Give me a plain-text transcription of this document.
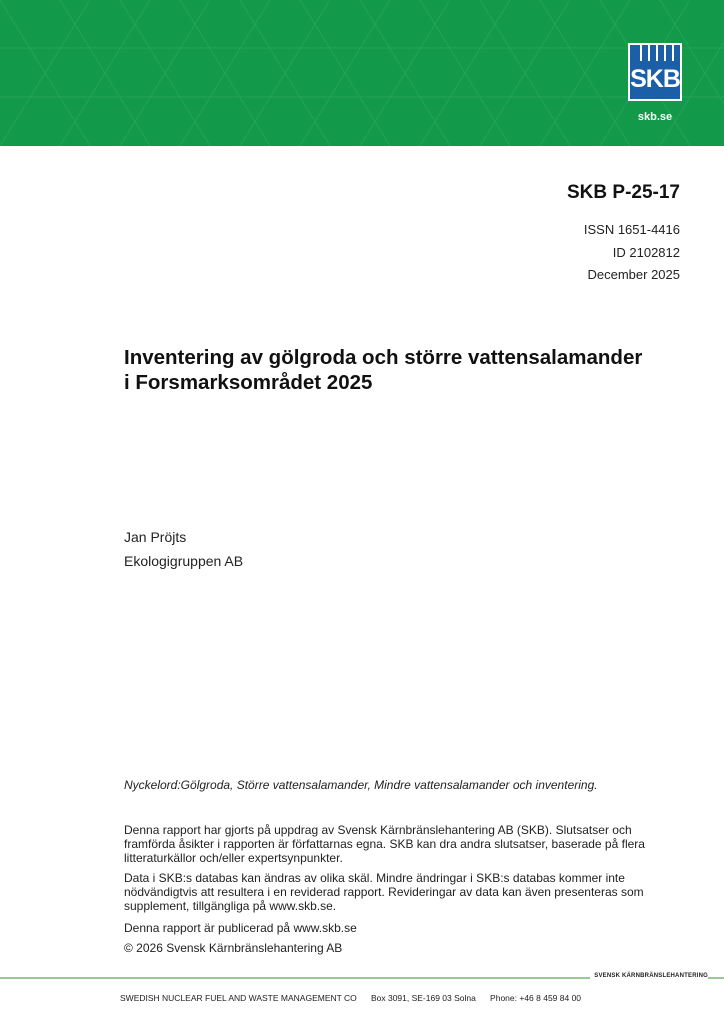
SKB
skb.se
SKB P-25-17
ISSN 1651-4416
ID 2102812
December 2025
Inventering av gölgroda och större vattensalamander
i Forsmarksområdet 2025
Jan Pröjts
Ekologigruppen AB
Nyckelord:Gölgroda, Större vattensalamander, Mindre vattensalamander och inventering.
Denna rapport har gjorts på uppdrag av Svensk Kärnbränslehantering AB (SKB). Slutsatser och framförda åsikter i rapporten är författarnas egna. SKB kan dra andra slutsatser, baserade på flera litteraturkällor och/eller expertsynpunkter.
Data i SKB:s databas kan ändras av olika skäl. Mindre ändringar i SKB:s databas kommer inte nödvändigtvis att resultera i en reviderad rapport. Revideringar av data kan även presenteras som supplement, tillgängliga på www.skb.se.
Denna rapport är publicerad på www.skb.se
© 2026 Svensk Kärnbränslehantering AB
SVENSK KÄRNBRÄNSLEHANTERING
SWEDISH NUCLEAR FUEL AND WASTE MANAGEMENT CO Box 3091, SE-169 03 Solna Phone: +46 8 459 84 00
